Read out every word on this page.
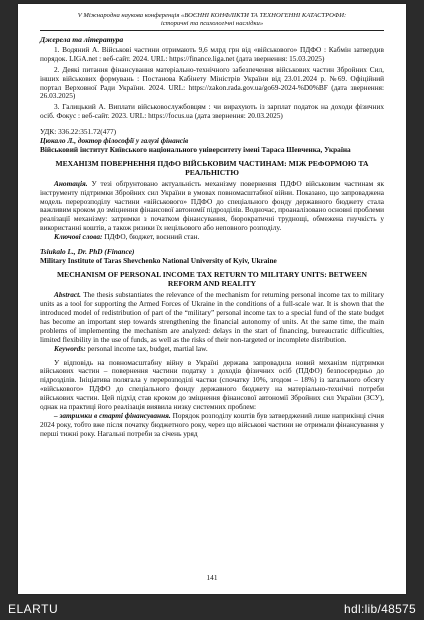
V Міжнародна наукова конференція «ВОЄННІ КОНФЛІКТИ ТА ТЕХНОГЕННІ КАТАСТРОФИ:
історичні та психологічні наслідки»
Джерела та література
1. Водяний А. Військові частини отримають 9,6 млрд грн від «військового» ПДФО : Кабмін затвердив порядок. LIGA.net : веб-сайт. 2024. URL: https://finance.liga.net (дата звернення: 15.03.2025)
2. Деякі питання фінансування матеріально-технічного забезпечення військових частин Збройних Сил, інших військових формувань : Постанова Кабінету Міністрів України від 23.01.2024 р. №69. Офіційний портал Верховної Ради України. 2024. URL: https://zakon.rada.gov.ua/go69-2024-%D0%BF (дата звернення: 26.03.2025)
3. Галицький А. Виплати військовослужбовцям : чи вирахують із зарплат податок на доходи фізичних осіб. Фокус : веб-сайт. 2023. URL: https://focus.ua (дата звернення: 20.03.2025)
УДК: 336.22:351.72(477)
Цюкало Л., доктор філософії у галузі фінансів
Військовий інститут Київського національного університету імені Тараса Шевченка, Україна
МЕХАНІЗМ ПОВЕРНЕННЯ ПДФО ВІЙСЬКОВИМ ЧАСТИНАМ: МІЖ РЕФОРМОЮ ТА РЕАЛЬНІСТЮ

Анотація. У тезі обґрунтовано актуальність механізму повернення ПДФО військовим частинам як інструменту підтримки Збройних сил України в умовах повномасштабної війни. Показано, що запроваджена модель перерозподілу частини «військового» ПДФО до спеціального фонду державного бюджету стала важливим кроком до зміцнення фінансової автономії підрозділів. Водночас, проаналізовано основні проблеми реалізації механізму: затримки з початком фінансування, бюрократичні труднощі, обмежена гнучкість у використанні коштів, а також ризики їх нецільового або неповного розподілу.

Ключові слова: ПДФО, бюджет, воєнний стан.

Tsiukalo L., Dr. PhD (Finance)
Military Institute of Taras Shevchenko National University of Kyiv, Ukraine
MECHANISM OF PERSONAL INCOME TAX RETURN TO MILITARY UNITS: BETWEEN REFORM AND REALITY

Abstract. The thesis substantiates the relevance of the mechanism for returning personal income tax to military units as a tool for supporting the Armed Forces of Ukraine in the conditions of a full-scale war. It is shown that the introduced model of redistribution of part of the “military” personal income tax to a special fund of the state budget has become an important step towards strengthening the financial autonomy of units. At the same time, the main problems of implementing the mechanism are analyzed: delays in the start of financing, bureaucratic difficulties, limited flexibility in the use of funds, as well as the risks of their non-targeted or incomplete distribution.

Keywords: personal income tax, budget, martial law.

У відповідь на повномасштабну війну в Україні держава запровадила новий механізм підтримки військових частин – повернення частини податку з доходів фізичних осіб (ПДФО) безпосередньо до підрозділів. Ініціатива полягала у перерозподілі частки (спочатку 10%, згодом – 18%) із загального обсягу «військового» ПДФО до спеціального фонду державного бюджету на матеріально-технічні потреби військових частин. Цей підхід став кроком до зміцнення фінансової автономії Збройних сил України (ЗСУ), однак на практиці його реалізація виявила низку системних проблем:

– затримки в старті фінансування. Порядок розподілу коштів був затверджений лише наприкінці січня 2024 року, тобто вже після початку бюджетного року, через що військові частини не отримали фінансування у перші тижні року. Нагальні потреби за січень уряд

141
ELARTU	hdl:lib/48575
